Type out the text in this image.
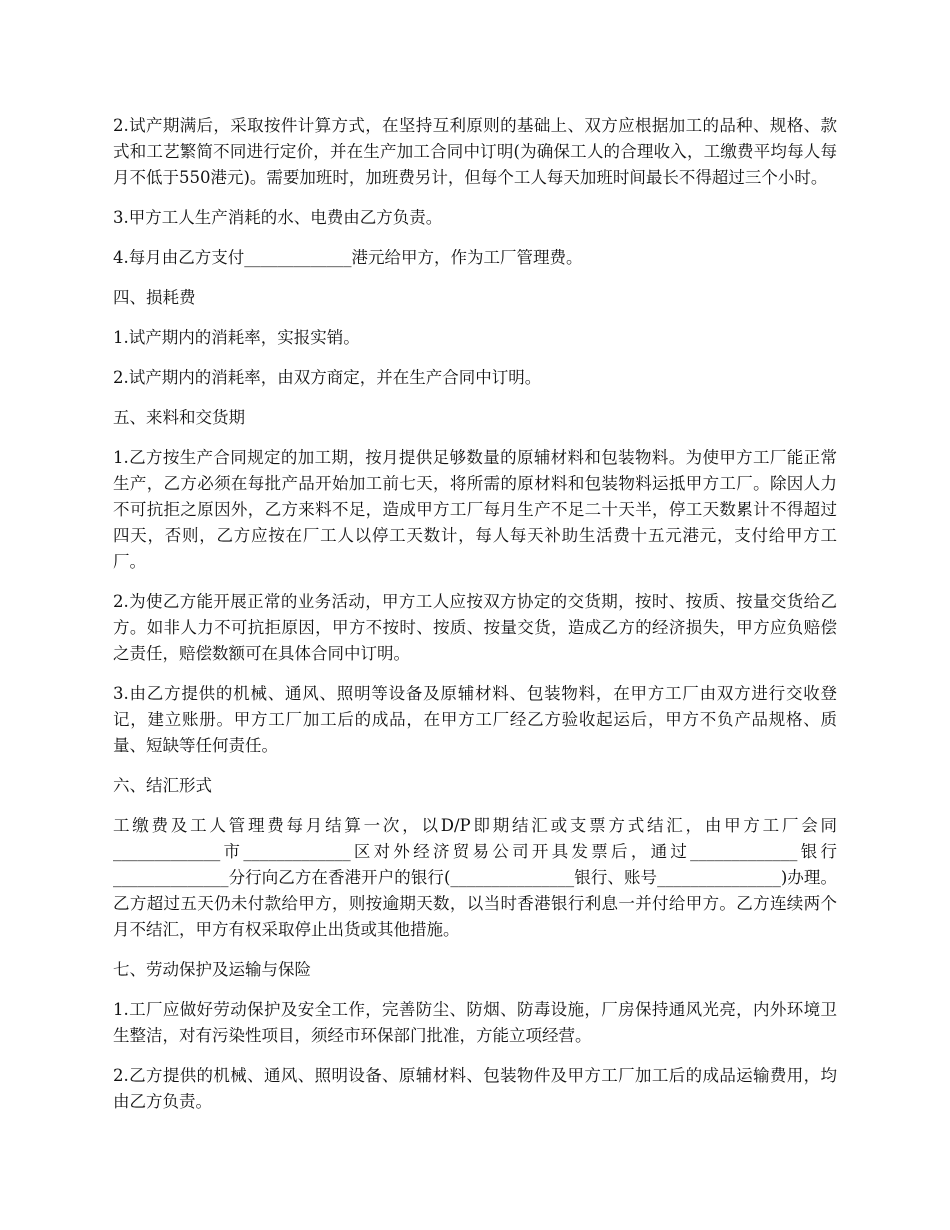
2.试产期满后，采取按件计算方式，在坚持互利原则的基础上、双方应根据加工的品种、规格、款式和工艺繁简不同进行定价，并在生产加工合同中订明(为确保工人的合理收入，工缴费平均每人每月不低于550港元)。需要加班时，加班费另计，但每个工人每天加班时间最长不得超过三个小时。

3.甲方工人生产消耗的水、电费由乙方负责。

4.每月由乙方支付_____________港元给甲方，作为工厂管理费。

四、损耗费

1.试产期内的消耗率，实报实销。

2.试产期内的消耗率，由双方商定，并在生产合同中订明。

五、来料和交货期

1.乙方按生产合同规定的加工期，按月提供足够数量的原辅材料和包装物料。为使甲方工厂能正常生产，乙方必须在每批产品开始加工前七天，将所需的原材料和包装物料运抵甲方工厂。除因人力不可抗拒之原因外，乙方来料不足，造成甲方工厂每月生产不足二十天半，停工天数累计不得超过四天，否则，乙方应按在厂工人以停工天数计，每人每天补助生活费十五元港元，支付给甲方工厂。

2.为使乙方能开展正常的业务活动，甲方工人应按双方协定的交货期，按时、按质、按量交货给乙方。如非人力不可抗拒原因，甲方不按时、按质、按量交货，造成乙方的经济损失，甲方应负赔偿之责任，赔偿数额可在具体合同中订明。

3.由乙方提供的机械、通风、照明等设备及原辅材料、包装物料，在甲方工厂由双方进行交收登记，建立账册。甲方工厂加工后的成品，在甲方工厂经乙方验收起运后，甲方不负产品规格、质量、短缺等任何责任。

六、结汇形式

工缴费及工人管理费每月结算一次，以D/P即期结汇或支票方式结汇，由甲方工厂会同_____________市_____________区对外经济贸易公司开具发票后，通过_____________银行______________分行向乙方在香港开户的银行(_______________银行、账号_______________)办理。乙方超过五天仍未付款给甲方，则按逾期天数，以当时香港银行利息一并付给甲方。乙方连续两个月不结汇，甲方有权采取停止出货或其他措施。

七、劳动保护及运输与保险

1.工厂应做好劳动保护及安全工作，完善防尘、防烟、防毒设施，厂房保持通风光亮，内外环境卫生整洁，对有污染性项目，须经市环保部门批准，方能立项经营。

2.乙方提供的机械、通风、照明设备、原辅材料、包装物件及甲方工厂加工后的成品运输费用，均由乙方负责。
